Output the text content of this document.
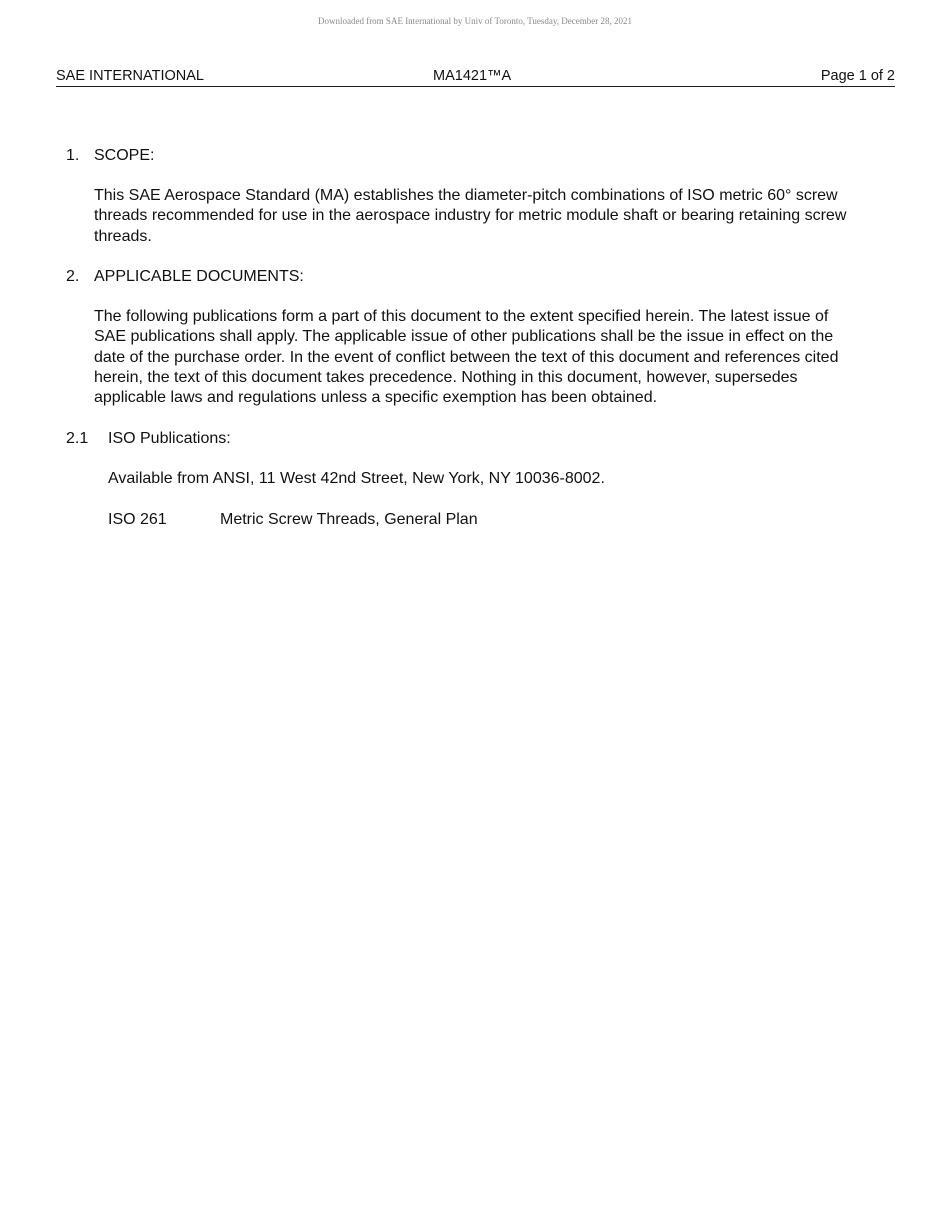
Downloaded from SAE International by Univ of Toronto, Tuesday, December 28, 2021
SAE INTERNATIONAL	MA1421™A	Page 1 of 2
1. SCOPE:
This SAE Aerospace Standard (MA) establishes the diameter-pitch combinations of ISO metric 60° screw threads recommended for use in the aerospace industry for metric module shaft or bearing retaining screw threads.
2. APPLICABLE DOCUMENTS:
The following publications form a part of this document to the extent specified herein. The latest issue of SAE publications shall apply. The applicable issue of other publications shall be the issue in effect on the date of the purchase order. In the event of conflict between the text of this document and references cited herein, the text of this document takes precedence. Nothing in this document, however, supersedes applicable laws and regulations unless a specific exemption has been obtained.
2.1 ISO Publications:
Available from ANSI, 11 West 42nd Street, New York, NY 10036-8002.
ISO 261	Metric Screw Threads, General Plan
